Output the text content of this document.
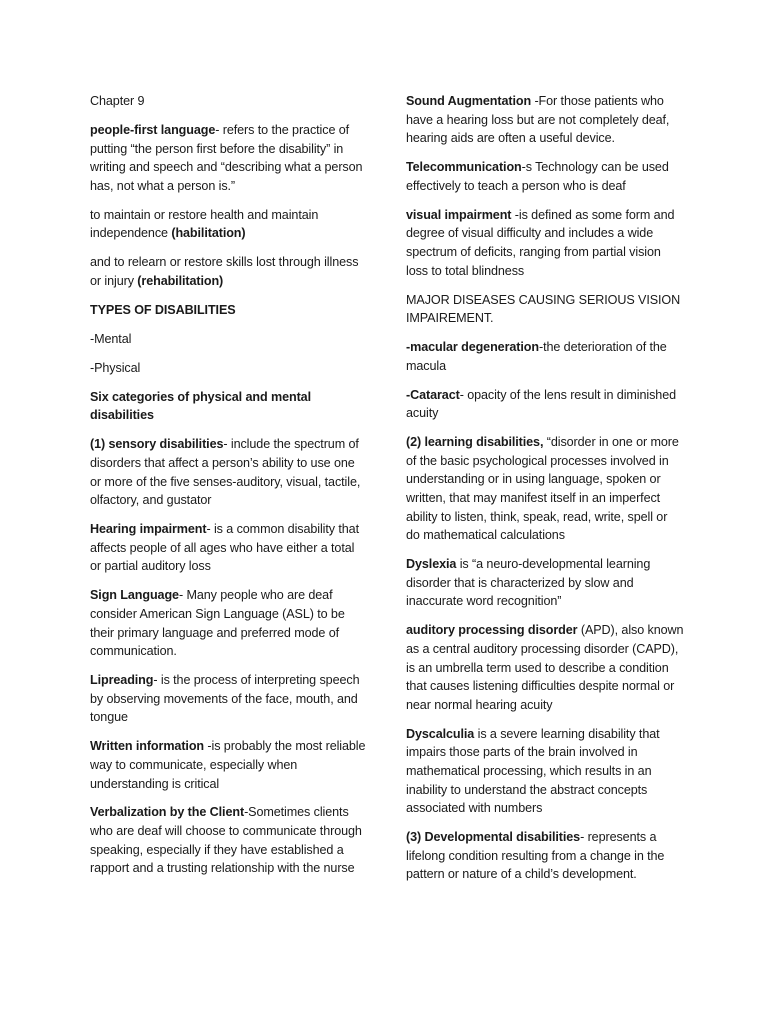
Chapter 9

people-first language- refers to the practice of putting “the person first before the disability” in writing and speech and “describing what a person has, not what a person is.”

to maintain or restore health and maintain independence (habilitation)

and to relearn or restore skills lost through illness or injury (rehabilitation)

TYPES OF DISABILITIES

-Mental

-Physical

Six categories of physical and mental disabilities

(1) sensory disabilities- include the spectrum of disorders that affect a person’s ability to use one or more of the five senses-auditory, visual, tactile, olfactory, and gustator

Hearing impairment- is a common disability that affects people of all ages who have either a total or partial auditory loss

Sign Language- Many people who are deaf consider American Sign Language (ASL) to be their primary language and preferred mode of communication.

Lipreading- is the process of interpreting speech by observing movements of the face, mouth, and tongue

Written information -is probably the most reliable way to communicate, especially when understanding is critical

Verbalization by the Client-Sometimes clients who are deaf will choose to communicate through speaking, especially if they have established a rapport and a trusting relationship with the nurse

Sound Augmentation -For those patients who have a hearing loss but are not completely deaf, hearing aids are often a useful device.

Telecommunication-s Technology can be used effectively to teach a person who is deaf

visual impairment -is defined as some form and degree of visual difficulty and includes a wide spectrum of deficits, ranging from partial vision loss to total blindness

MAJOR DISEASES CAUSING SERIOUS VISION IMPAIREMENT.

-macular degeneration-the deterioration of the macula

-Cataract- opacity of the lens result in diminished acuity

(2) learning disabilities, “disorder in one or more of the basic psychological processes involved in understanding or in using language, spoken or written, that may manifest itself in an imperfect ability to listen, think, speak, read, write, spell or do mathematical calculations

Dyslexia is “a neuro-developmental learning disorder that is characterized by slow and inaccurate word recognition”

auditory processing disorder (APD), also known as a central auditory processing disorder (CAPD), is an umbrella term used to describe a condition that causes listening difficulties despite normal or near normal hearing acuity

Dyscalculia is a severe learning disability that impairs those parts of the brain involved in mathematical processing, which results in an inability to understand the abstract concepts associated with numbers

(3) Developmental disabilities- represents a lifelong condition resulting from a change in the pattern or nature of a child’s development.
